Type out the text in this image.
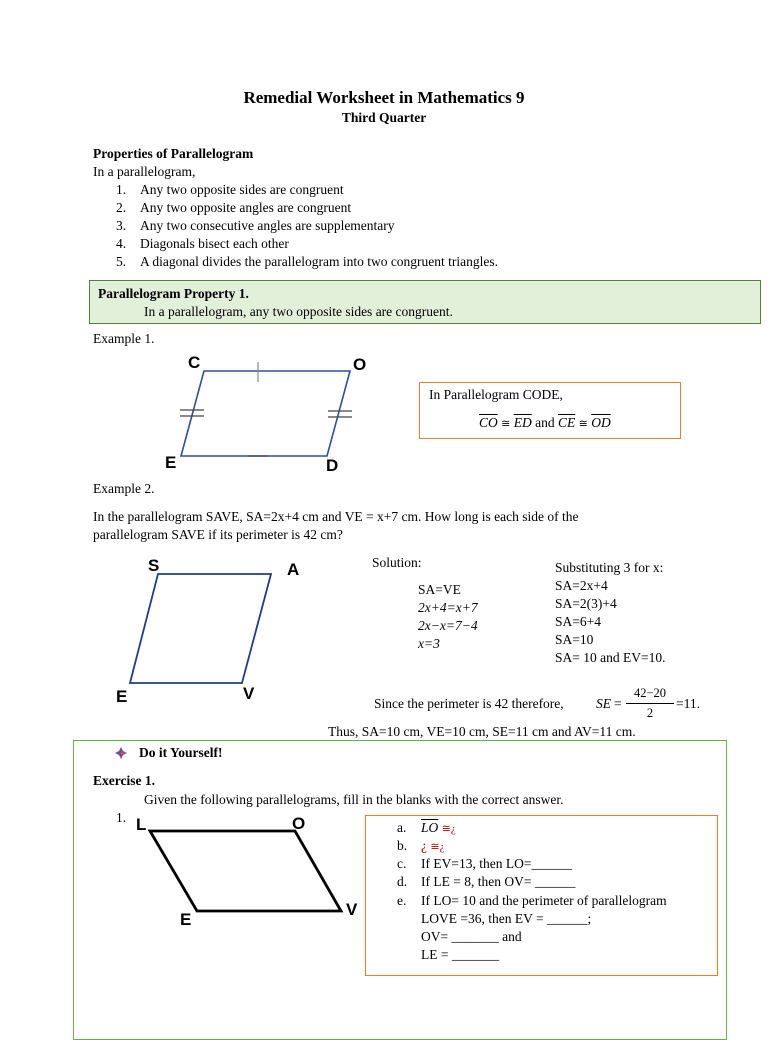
Remedial Worksheet in Mathematics 9
Third Quarter
Properties of Parallelogram
In a parallelogram,
1. Any two opposite sides are congruent
2. Any two opposite angles are congruent
3. Any two consecutive angles are supplementary
4. Diagonals bisect each other
5. A diagonal divides the parallelogram into two congruent triangles.
Parallelogram Property 1.
In a parallelogram, any two opposite sides are congruent.
Example 1.
C	O
E	D
In Parallelogram CODE,
$\overline{CO}$ ≅ $\overline{ED}$ and $\overline{CE}$ ≅ $\overline{OD}$
Example 2.
In the parallelogram SAVE, SA=2x+4 cm and VE = x+7 cm. How long is each side of the
parallelogram SAVE if its perimeter is 42 cm?
S	A
E	V
Solution:
SA=VE
2x+4=x+7
2x−x=7−4
x=3
Substituting 3 for x:
SA=2x+4
SA=2(3)+4
SA=6+4
SA=10
SA= 10 and EV=10.
Since the perimeter is 42 therefore, SE =
42−20
2
=11.
Thus, SA=10 cm, VE=10 cm, SE=11 cm and AV=11 cm.
Do it Yourself!
Exercise 1.
Given the following parallelograms, fill in the blanks with the correct answer.
1. L	O
E
V
a. $\overline{LO}$ ≅¿
b. ¿ ≅¿
c. If EV=13, then LO=______
d. If LE = 8, then OV= ______
e. If LO= 10 and the perimeter of parallelogram
LOVE =36, then EV = ______;
OV= _______ and
LE = _______
